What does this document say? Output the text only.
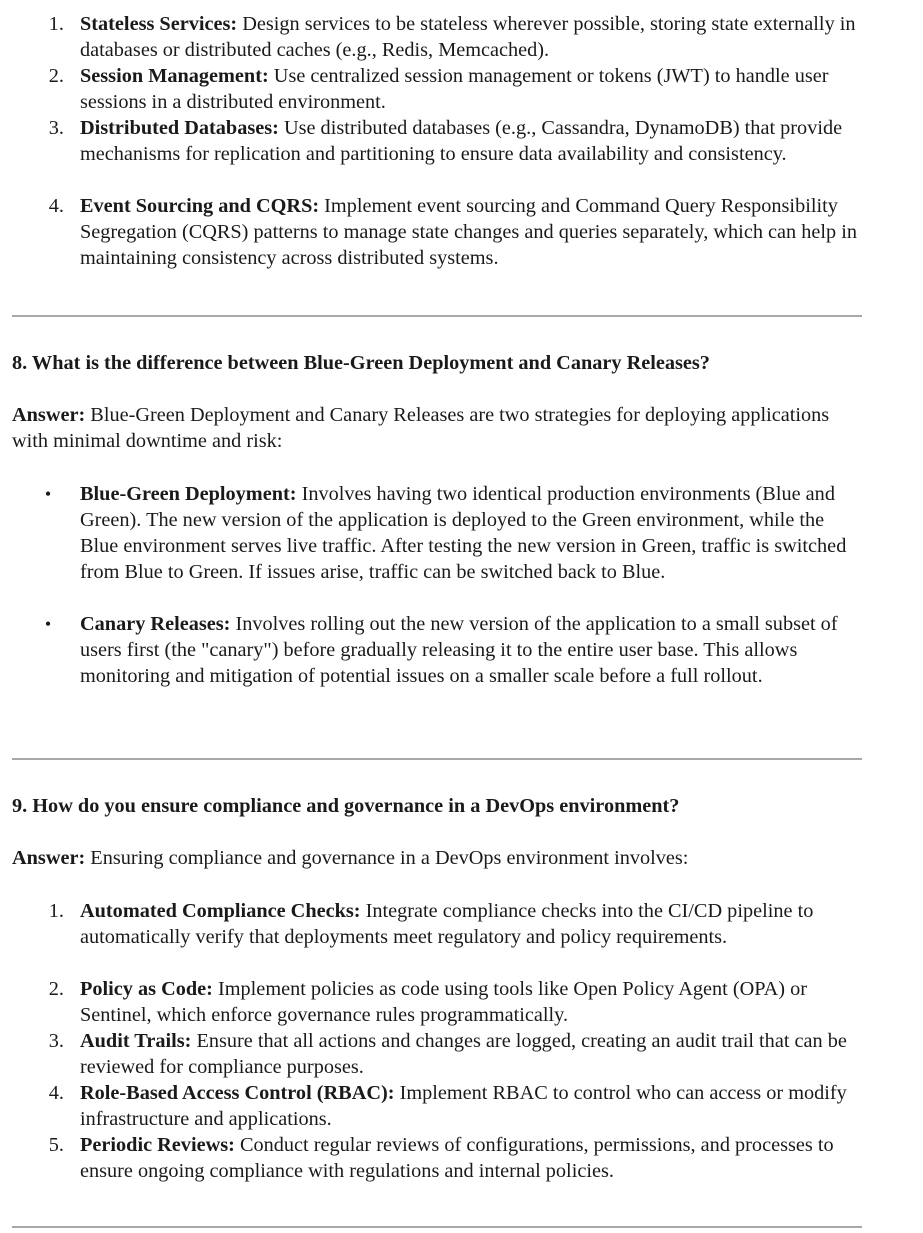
1. Stateless Services: Design services to be stateless wherever possible, storing state externally in databases or distributed caches (e.g., Redis, Memcached).
2. Session Management: Use centralized session management or tokens (JWT) to handle user sessions in a distributed environment.
3. Distributed Databases: Use distributed databases (e.g., Cassandra, DynamoDB) that provide mechanisms for replication and partitioning to ensure data availability and consistency.
4. Event Sourcing and CQRS: Implement event sourcing and Command Query Responsibility Segregation (CQRS) patterns to manage state changes and queries separately, which can help in maintaining consistency across distributed systems.
8. What is the difference between Blue-Green Deployment and Canary Releases?

Answer: Blue-Green Deployment and Canary Releases are two strategies for deploying applications with minimal downtime and risk:

• Blue-Green Deployment: Involves having two identical production environments (Blue and Green). The new version of the application is deployed to the Green environment, while the Blue environment serves live traffic. After testing the new version in Green, traffic is switched from Blue to Green. If issues arise, traffic can be switched back to Blue.
• Canary Releases: Involves rolling out the new version of the application to a small subset of users first (the "canary") before gradually releasing it to the entire user base. This allows monitoring and mitigation of potential issues on a smaller scale before a full rollout.
9. How do you ensure compliance and governance in a DevOps environment?

Answer: Ensuring compliance and governance in a DevOps environment involves:

1. Automated Compliance Checks: Integrate compliance checks into the CI/CD pipeline to automatically verify that deployments meet regulatory and policy requirements.
2. Policy as Code: Implement policies as code using tools like Open Policy Agent (OPA) or Sentinel, which enforce governance rules programmatically.
3. Audit Trails: Ensure that all actions and changes are logged, creating an audit trail that can be reviewed for compliance purposes.
4. Role-Based Access Control (RBAC): Implement RBAC to control who can access or modify infrastructure and applications.
5. Periodic Reviews: Conduct regular reviews of configurations, permissions, and processes to ensure ongoing compliance with regulations and internal policies.
